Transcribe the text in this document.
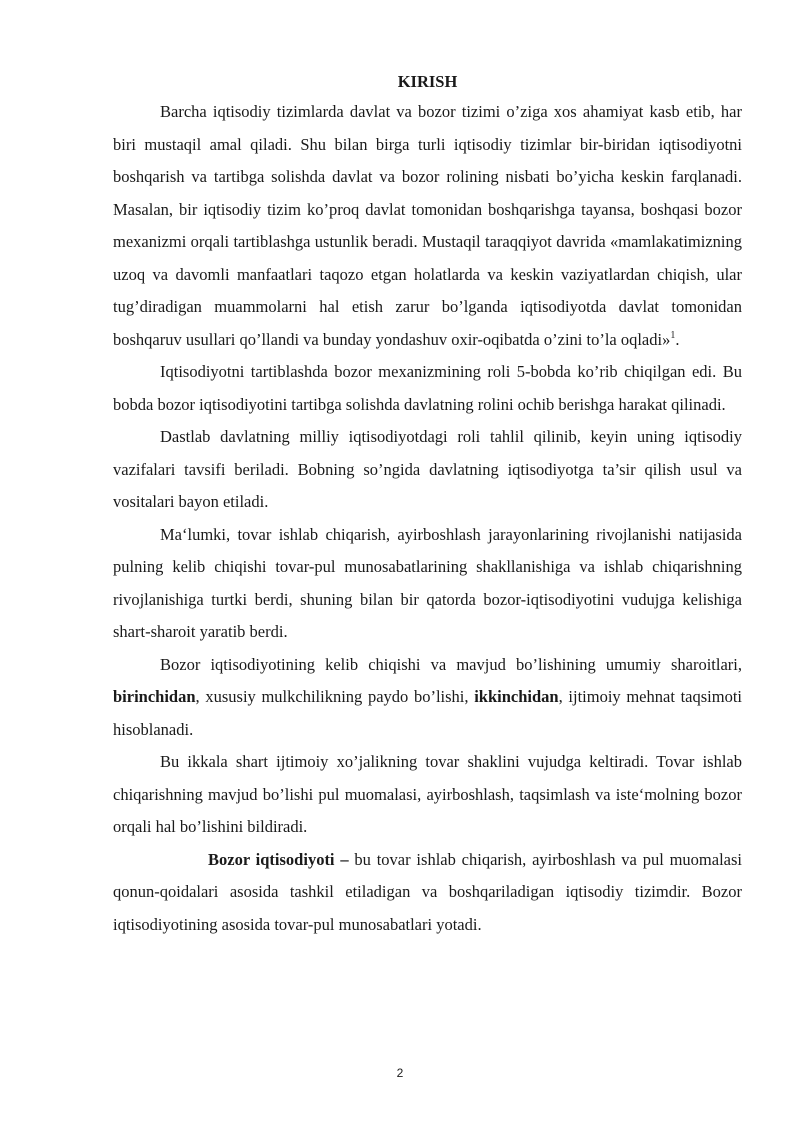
KIRISH

Barcha iqtisodiy tizimlarda davlat va bozor tizimi o’ziga xos ahamiyat kasb etib, har biri mustaqil amal qiladi. Shu bilan birga turli iqtisodiy tizimlar bir-biridan iqtisodiyotni boshqarish va tartibga solishda davlat va bozor rolining nisbati bo’yicha keskin farqlanadi. Masalan, bir iqtisodiy tizim ko’proq davlat tomonidan boshqarishga tayansa, boshqasi bozor mexanizmi orqali tartiblashga ustunlik beradi. Mustaqil taraqqiyot davrida «mamlakatimizning uzoq va davomli manfaatlari taqozo etgan holatlarda va keskin vaziyatlardan chiqish, ular tug’diradigan muammolarni hal etish zarur bo’lganda iqtisodiyotda davlat tomonidan boshqaruv usullari qo’llandi va bunday yondashuv oxir-oqibatda o’zini to’la oqladi»$^1$.

Iqtisodiyotni tartiblashda bozor mexanizmining roli 5-bobda ko’rib chiqilgan edi. Bu bobda bozor iqtisodiyotini tartibga solishda davlatning rolini ochib berishga harakat qilinadi.

Dastlab davlatning milliy iqtisodiyotdagi roli tahlil qilinib, keyin uning iqtisodiy vazifalari tavsifi beriladi. Bobning so’ngida davlatning iqtisodiyotga ta’sir qilish usul va vositalari bayon etiladi.

Ma‘lumki, tovar ishlab chiqarish, ayirboshlash jarayonlarining rivojlanishi natijasida pulning kelib chiqishi tovar-pul munosabatlarining shakllanishiga va ishlab chiqarishning rivojlanishiga turtki berdi, shuning bilan bir qatorda bozor-iqtisodiyotini vudujga kelishiga shart-sharoit yaratib berdi.

Bozor iqtisodiyotining kelib chiqishi va mavjud bo’lishining umumiy sharoitlari, birinchidan, xususiy mulkchilikning paydo bo’lishi, ikkinchidan, ijtimoiy mehnat taqsimoti hisoblanadi.

Bu ikkala shart ijtimoiy xo’jalikning tovar shaklini vujudga keltiradi. Tovar ishlab chiqarishning mavjud bo’lishi pul muomalasi, ayirboshlash, taqsimlash va iste‘molning bozor orqali hal bo’lishini bildiradi.

Bozor iqtisodiyoti – bu tovar ishlab chiqarish, ayirboshlash va pul muomalasi qonun-qoidalari asosida tashkil etiladigan va boshqariladigan iqtisodiy tizimdir. Bozor iqtisodiyotining asosida tovar-pul munosabatlari yotadi.

2
